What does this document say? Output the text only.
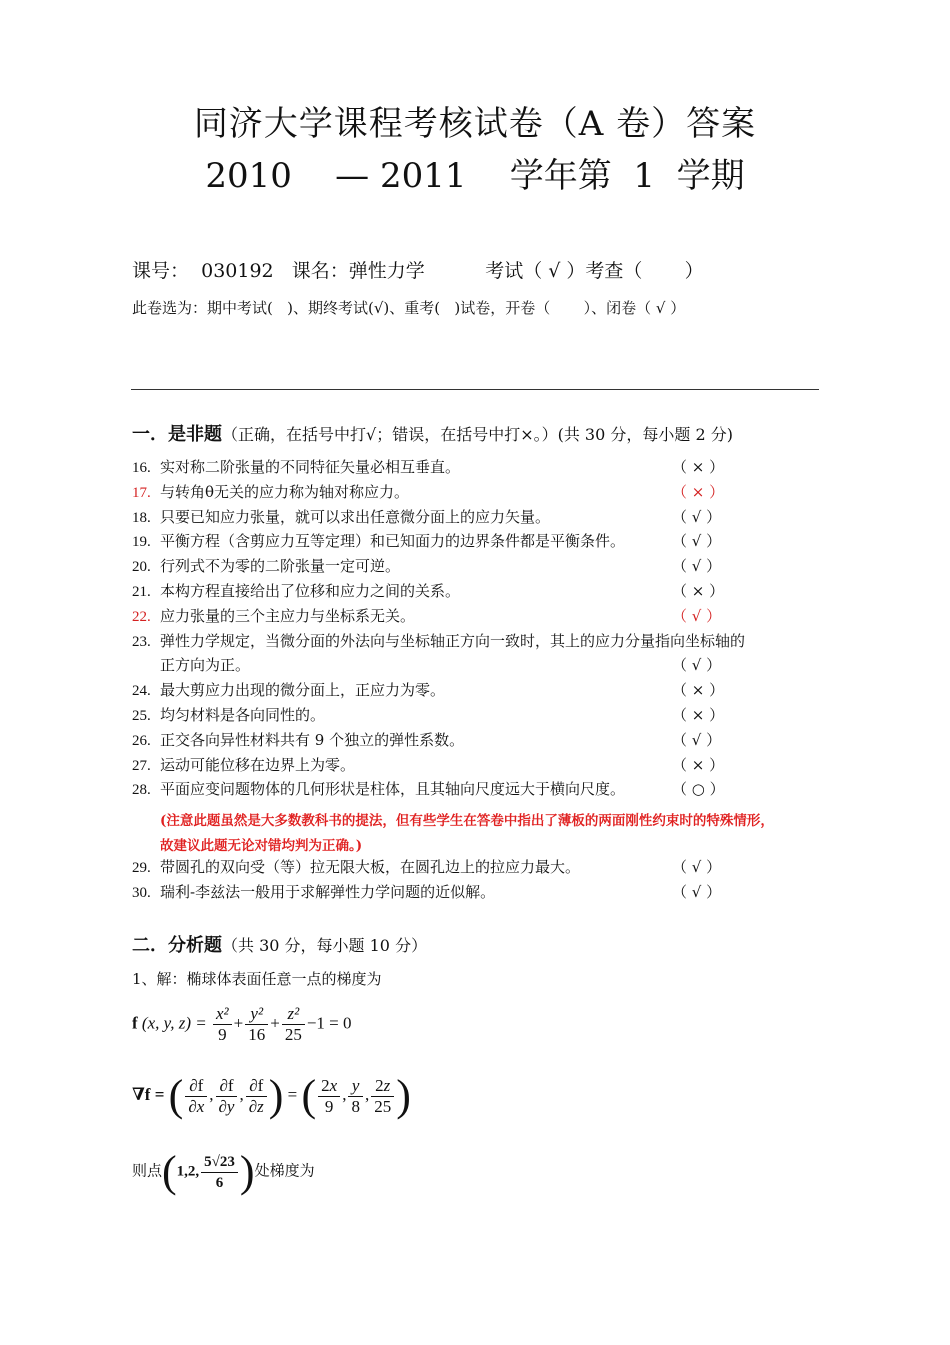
同济大学课程考核试卷（A 卷）答案
2010    — 2011    学年第  1  学期
课号： 030192 课名：弹性力学	考试（ √ ）考查（       ）
此卷选为：期中考试(   )、期终考试(√)、重考(   )试卷，开卷（       ）、闭卷（ √ ）
一．是非题（正确，在括号中打√；错误，在括号中打×。）(共 30 分，每小题 2 分)
16. 实对称二阶张量的不同特征矢量必相互垂直。	（ × ）
17. 与转角θ无关的应力称为轴对称应力。	（ × ）
18. 只要已知应力张量，就可以求出任意微分面上的应力矢量。	（ √ ）
19. 平衡方程（含剪应力互等定理）和已知面力的边界条件都是平衡条件。	（ √ ）
20. 行列式不为零的二阶张量一定可逆。	（ √ ）
21. 本构方程直接给出了位移和应力之间的关系。	（ × ）
22. 应力张量的三个主应力与坐标系无关。	（ √ ）
23. 弹性力学规定，当微分面的外法向与坐标轴正方向一致时，其上的应力分量指向坐标轴的
正方向为正。	（ √ ）
24. 最大剪应力出现的微分面上，正应力为零。	（ × ）
25. 均匀材料是各向同性的。	（ × ）
26. 正交各向异性材料共有 9 个独立的弹性系数。	（ √ ）
27. 运动可能位移在边界上为零。	（ × ）
28. 平面应变问题物体的几何形状是柱体，且其轴向尺度远大于横向尺度。	（ ○ ）
(注意此题虽然是大多数教科书的提法，但有些学生在答卷中指出了薄板的两面刚性约束时的特殊情形，
故建议此题无论对错均判为正确。)
29. 带圆孔的双向受（等）拉无限大板，在圆孔边上的拉应力最大。	（ √ ）
30. 瑞利-李兹法一般用于求解弹性力学问题的近似解。	（ √ ）
二．分析题（共 30 分，每小题 10 分）
1、解：椭球体表面任意一点的梯度为
f (x, y, $z) = \frac{\text{x²}}{9} + \frac{\text{y²}}{16} + \frac{\text{z²}}{25} -1 = 0$
∇f = ( $\frac{\partial f}{\partial x}$ , $\frac{\partial f}{\partial y}$ , $\frac{\partial f}{\partial z}$ ) = ( $\frac{2x}{9}$ , $\frac{y}{8}$ , $\frac{2z}{25}$ )
则点(1,2, $\frac{5√23}{6}$ )处梯度为
